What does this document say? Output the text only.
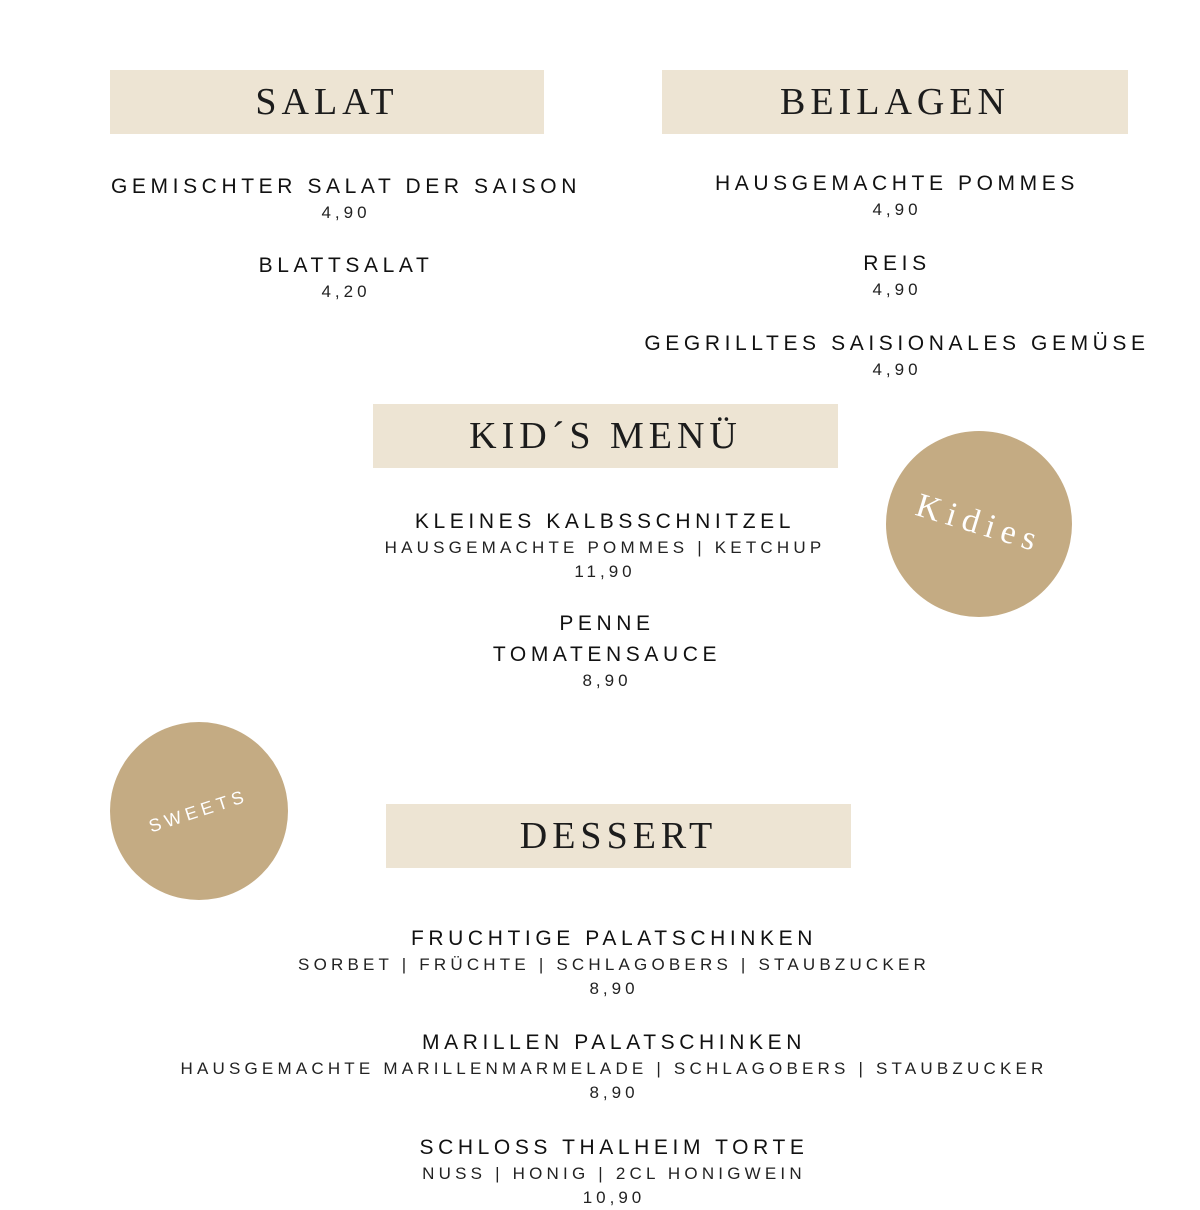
SALAT
GEMISCHTER SALAT DER SAISON
4,90
BLATTSALAT
4,20
BEILAGEN
HAUSGEMACHTE POMMES
4,90
REIS
4,90
GEGRILLTES SAISIONALES GEMÜSE
4,90
KID´S MENÜ
KLEINES KALBSSCHNITZEL
HAUSGEMACHTE POMMES | KETCHUP
11,90
PENNE
TOMATENSAUCE
8,90
Kidies
SWEETS
DESSERT
FRUCHTIGE PALATSCHINKEN
SORBET | FRÜCHTE | SCHLAGOBERS | STAUBZUCKER
8,90
MARILLEN PALATSCHINKEN
HAUSGEMACHTE MARILLENMARMELADE | SCHLAGOBERS | STAUBZUCKER
8,90
SCHLOSS THALHEIM TORTE
NUSS | HONIG | 2CL HONIGWEIN
10,90
